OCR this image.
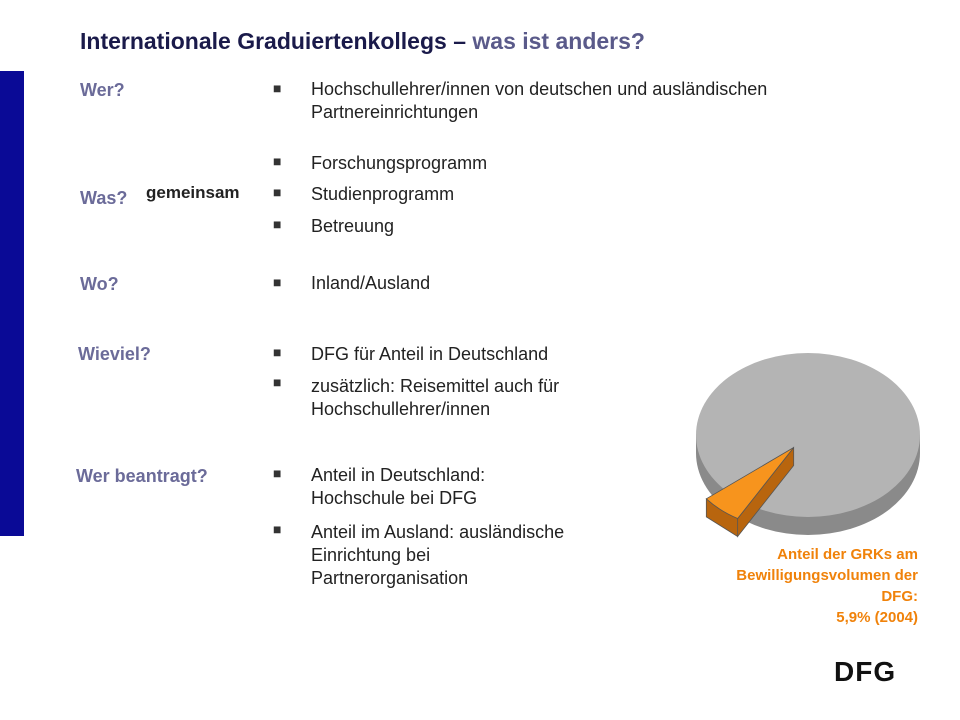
Internationale Graduiertenkollegs – was ist anders?
Wer?	■ Hochschullehrer/innen von deutschen und ausländischen Partnereinrichtungen
Was? gemeinsam
■ Forschungsprogramm
■ Studienprogramm
■ Betreuung
Wo?	■ Inland/Ausland
Wieviel?	■ DFG für Anteil in Deutschland
■ zusätzlich: Reisemittel auch für Hochschullehrer/innen
Wer beantragt?	■ Anteil in Deutschland: Hochschule bei DFG
■ Anteil im Ausland: ausländische Einrichtung bei Partnerorganisation
Anteil der GRKs am
Bewilligungsvolumen der
DFG:
5,9% (2004)
DFG
